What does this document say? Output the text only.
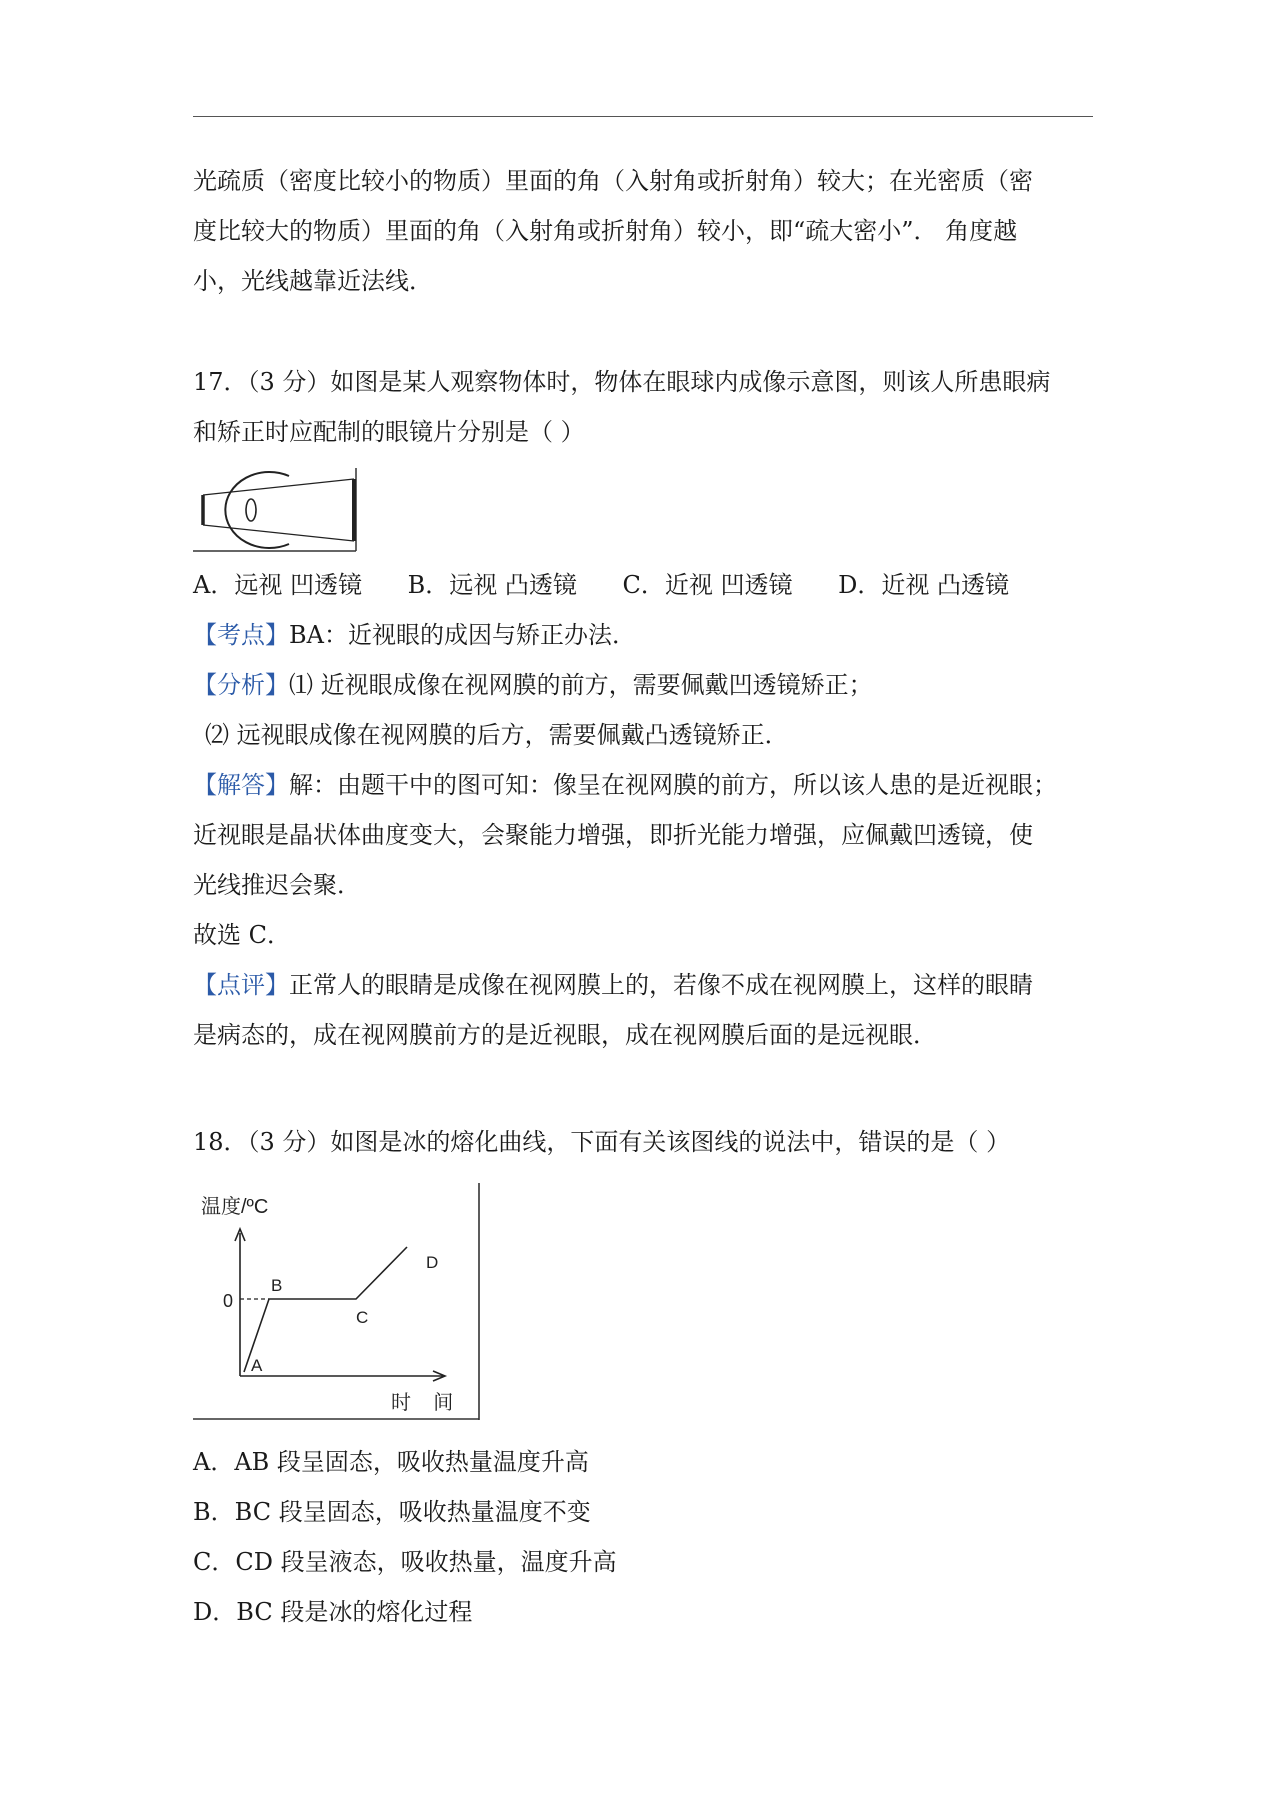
光疏质（密度比较小的物质）里面的角（入射角或折射角）较大；在光密质（密
度比较大的物质）里面的角（入射角或折射角）较小，即“疏大密小”． 角度越
小，光线越靠近法线．
17．（3 分）如图是某人观察物体时，物体在眼球内成像示意图，则该人所患眼病
和矫正时应配制的眼镜片分别是（ ）
A．远视 凹透镜 B．远视 凸透镜 C．近视 凹透镜 D．近视 凸透镜
【考点】BA：近视眼的成因与矫正办法．
【分析】⑴ 近视眼成像在视网膜的前方，需要佩戴凹透镜矫正；
⑵ 远视眼成像在视网膜的后方，需要佩戴凸透镜矫正．
【解答】解：由题干中的图可知：像呈在视网膜的前方，所以该人患的是近视眼；
近视眼是晶状体曲度变大，会聚能力增强，即折光能力增强，应佩戴凹透镜，使
光线推迟会聚．
故选 C．
【点评】正常人的眼睛是成像在视网膜上的，若像不成在视网膜上，这样的眼睛
是病态的，成在视网膜前方的是近视眼，成在视网膜后面的是远视眼．
18．（3 分）如图是冰的熔化曲线，下面有关该图线的说法中，错误的是（ ）
温度/ºC
0
A
B
C
D
时    间
A．AB 段呈固态，吸收热量温度升高
B．BC 段呈固态，吸收热量温度不变
C．CD 段呈液态，吸收热量，温度升高
D．BC 段是冰的熔化过程
